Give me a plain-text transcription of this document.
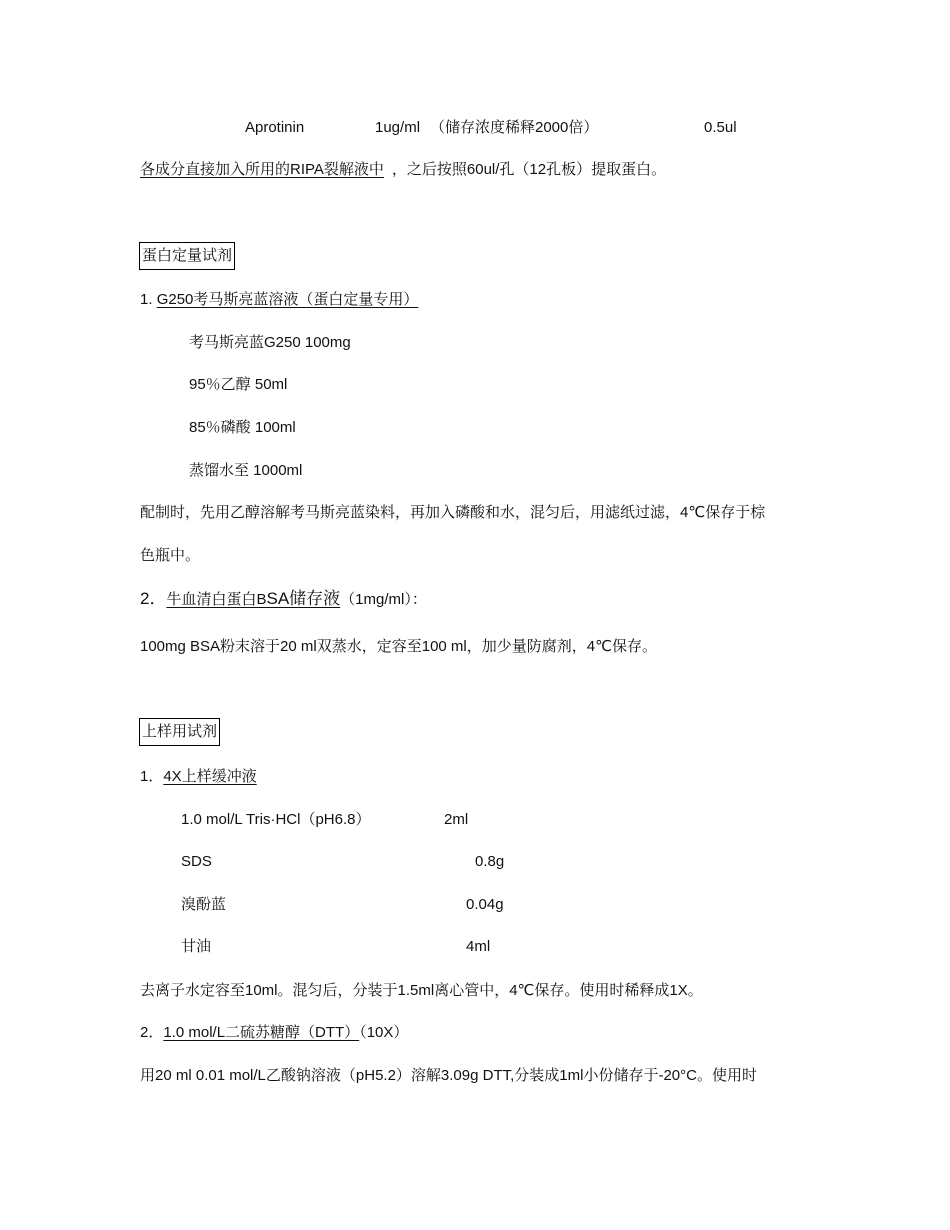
Aprotinin	1ug/ml （储存浓度稀释2000倍）	0.5ul
各成分直接加入所用的RIPA裂解液中 ，之后按照60ul/孔（12孔板）提取蛋白。
蛋白定量试剂
1. G250考马斯亮蓝溶液（蛋白定量专用）
考马斯亮蓝G250 100mg
95％乙醇 50ml
85％磷酸 100ml
蒸馏水至 1000ml
配制时，先用乙醇溶解考马斯亮蓝染料，再加入磷酸和水，混匀后，用滤纸过滤，4℃保存于棕
色瓶中。
2．牛血清白蛋白BSA储存液（1mg/ml）：
100mg BSA粉末溶于20 ml双蒸水，定容至100 ml，加少量防腐剂，4℃保存。
上样用试剂
1．4X上样缓冲液
1.0 mol/L Tris·HCl（pH6.8）	2ml
SDS	0.8g
溴酚蓝	0.04g
甘油	4ml
去离子水定容至10ml。混匀后，分装于1.5ml离心管中，4℃保存。使用时稀释成1X。
2．1.0 mol/L二硫苏糖醇（DTT）（10X）
用20 ml 0.01 mol/L乙酸钠溶液（pH5.2）溶解3.09g DTT,分装成1ml小份储存于-20°C。使用时
